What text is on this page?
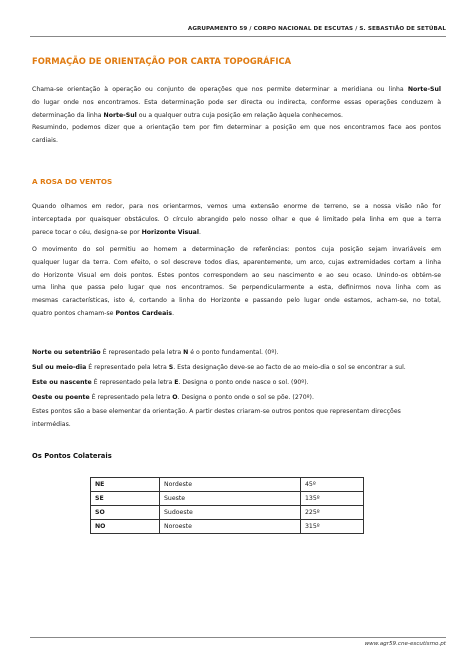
AGRUPAMENTO 59 / CORPO NACIONAL DE ESCUTAS / S. SEBASTIÃO DE SETÚBAL
FORMAÇÃO DE ORIENTAÇÃO POR CARTA TOPOGRÁFICA
Chama-se orientação à operação ou conjunto de operações que nos permite determinar a meridiana ou linha Norte-Sul
do lugar onde nos encontramos. Esta determinação pode ser directa ou indirecta, conforme essas operações conduzem à
determinação da linha Norte-Sul ou a qualquer outra cuja posição em relação àquela conhecemos.
Resumindo, podemos dizer que a orientação tem por fim determinar a posição em que nos encontramos face aos pontos
cardiais.
A ROSA DO VENTOS
Quando olhamos em redor, para nos orientarmos, vemos uma extensão enorme de terreno, se a nossa visão não for
interceptada por quaisquer obstáculos. O círculo abrangido pelo nosso olhar e que é limitado pela linha em que a terra
parece tocar o céu, designa-se por Horizonte Visual.
O movimento do sol permitiu ao homem a determinação de referências: pontos cuja posição sejam invariáveis em
qualquer lugar da terra. Com efeito, o sol descreve todos dias, aparentemente, um arco, cujas extremidades cortam a linha
do Horizonte Visual em dois pontos. Estes pontos correspondem ao seu nascimento e ao seu ocaso. Unindo-os obtém-se
uma linha que passa pelo lugar que nos encontramos. Se perpendicularmente a esta, definirmos nova linha com as
mesmas características, isto é, cortando a linha do Horizonte e passando pelo lugar onde estamos, acham-se, no total,
quatro pontos chamam-se Pontos Cardeais.
Norte ou setentrião É representado pela letra N é o ponto fundamental. (0º).
Sul ou meio-dia É representado pela letra S. Esta designação deve-se ao facto de ao meio-dia o sol se encontrar a sul.
Este ou nascente É representado pela letra E. Designa o ponto onde nasce o sol. (90º).
Oeste ou poente É representado pela letra O. Designa o ponto onde o sol se põe. (270º).
Estes pontos são a base elementar da orientação. A partir destes criaram-se outros pontos que representam direcções
intermédias.
Os Pontos Colaterais
NE	Nordeste	45º
SE	Sueste	135º
SO	Sudoeste	225º
NO	Noroeste	315º
www.agr59.cne-escutismo.pt
